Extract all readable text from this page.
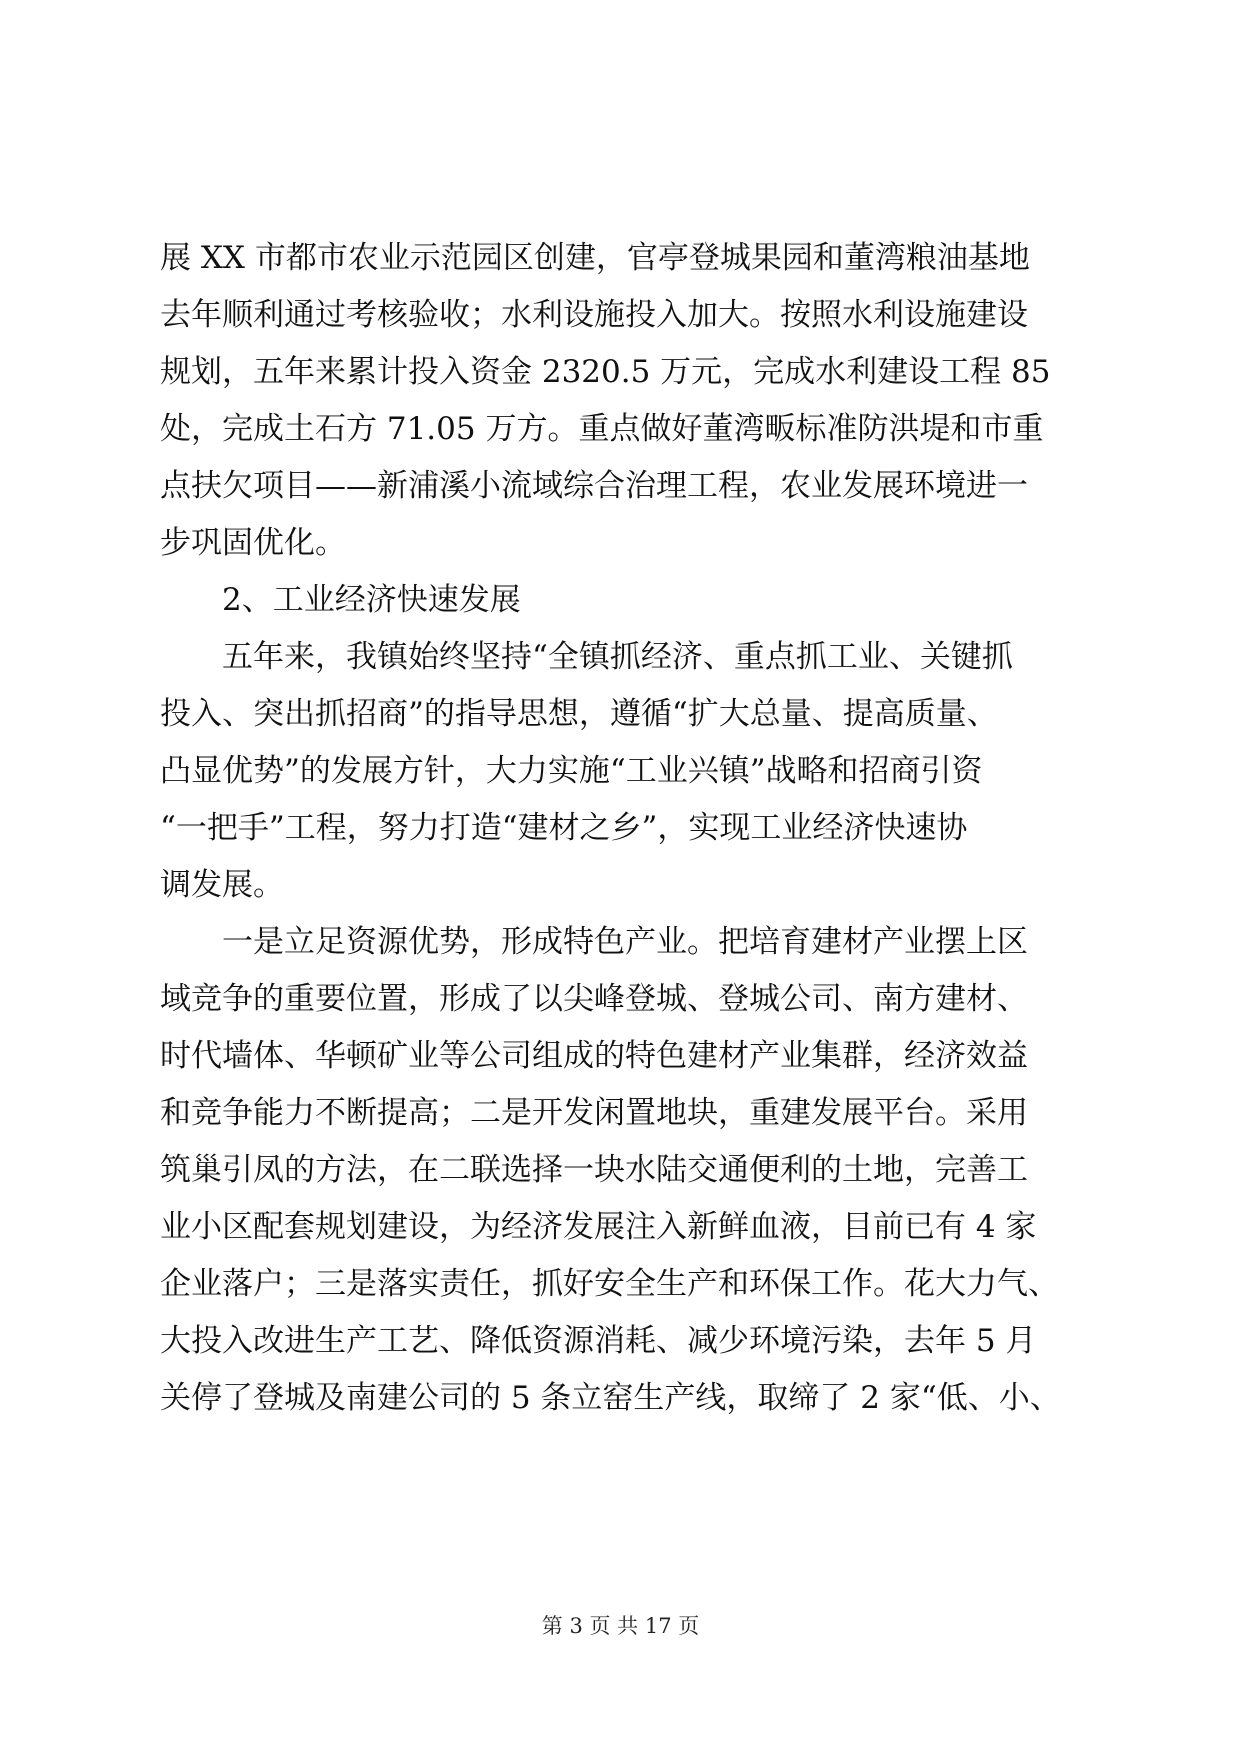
展 XX 市都市农业示范园区创建，官亭登城果园和董湾粮油基地
去年顺利通过考核验收；水利设施投入加大。按照水利设施建设
规划，五年来累计投入资金 2320.5 万元，完成水利建设工程 85
处，完成土石方 71.05 万方。重点做好董湾畈标准防洪堤和市重
点扶欠项目——新浦溪小流域综合治理工程，农业发展环境进一
步巩固优化。
2、工业经济快速发展
五年来，我镇始终坚持“全镇抓经济、重点抓工业、关键抓
投入、突出抓招商”的指导思想，遵循“扩大总量、提高质量、
凸显优势”的发展方针，大力实施“工业兴镇”战略和招商引资
“一把手”工程，努力打造“建材之乡”，实现工业经济快速协
调发展。
一是立足资源优势，形成特色产业。把培育建材产业摆上区
域竞争的重要位置，形成了以尖峰登城、登城公司、南方建材、
时代墙体、华顿矿业等公司组成的特色建材产业集群，经济效益
和竞争能力不断提高；二是开发闲置地块，重建发展平台。采用
筑巢引凤的方法，在二联选择一块水陆交通便利的土地，完善工
业小区配套规划建设，为经济发展注入新鲜血液，目前已有 4 家
企业落户；三是落实责任，抓好安全生产和环保工作。花大力气、
大投入改进生产工艺、降低资源消耗、减少环境污染，去年 5 月
关停了登城及南建公司的 5 条立窑生产线，取缔了 2 家“低、小、
第 3 页 共 17 页
